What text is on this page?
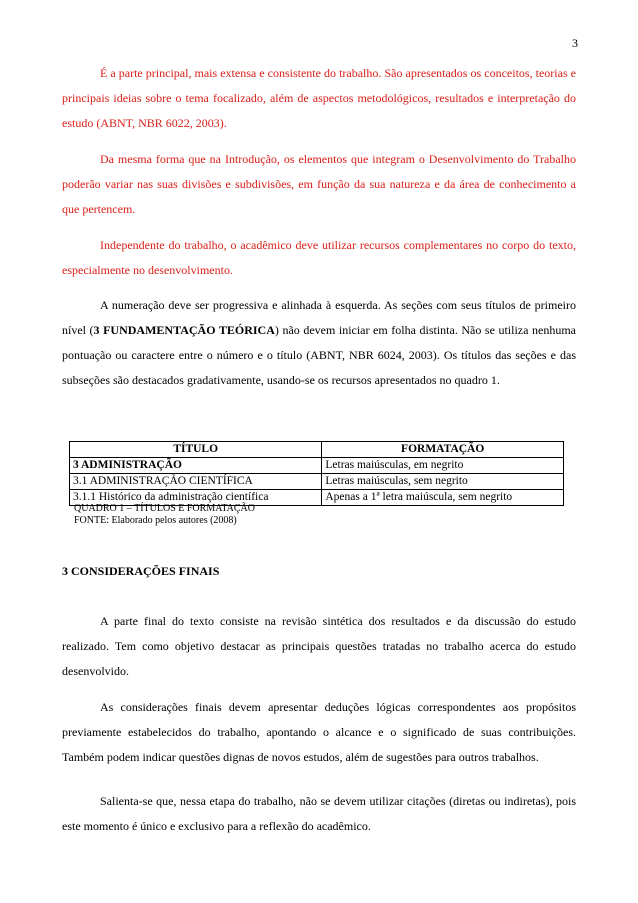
3

É a parte principal, mais extensa e consistente do trabalho. São apresentados os conceitos, teorias e principais ideias sobre o tema focalizado, além de aspectos metodológicos, resultados e interpretação do estudo (ABNT, NBR 6022, 2003).

Da mesma forma que na Introdução, os elementos que integram o Desenvolvimento do Trabalho poderão variar nas suas divisões e subdivisões, em função da sua natureza e da área de conhecimento a que pertencem.

Independente do trabalho, o acadêmico deve utilizar recursos complementares no corpo do texto, especialmente no desenvolvimento.

A numeração deve ser progressiva e alinhada à esquerda. As seções com seus títulos de primeiro nível (3 FUNDAMENTAÇÃO TEÓRICA) não devem iniciar em folha distinta. Não se utiliza nenhuma pontuação ou caractere entre o número e o título (ABNT, NBR 6024, 2003). Os títulos das seções e das subseções são destacados gradativamente, usando-se os recursos apresentados no quadro 1.

TÍTULO	FORMATAÇÃO
3 ADMINISTRAÇÃO	Letras maiúsculas, em negrito
3.1 ADMINISTRAÇÃO CIENTÍFICA	Letras maiúsculas, sem negrito
3.1.1 Histórico da administração científica	Apenas a 1ª letra maiúscula, sem negrito
QUADRO 1 – TÍTULOS E FORMATAÇÃO
FONTE: Elaborado pelos autores (2008)
3 CONSIDERAÇÕES FINAIS

A parte final do texto consiste na revisão sintética dos resultados e da discussão do estudo realizado. Tem como objetivo destacar as principais questões tratadas no trabalho acerca do estudo desenvolvido.

As considerações finais devem apresentar deduções lógicas correspondentes aos propósitos previamente estabelecidos do trabalho, apontando o alcance e o significado de suas contribuições. Também podem indicar questões dignas de novos estudos, além de sugestões para outros trabalhos.

Salienta-se que, nessa etapa do trabalho, não se devem utilizar citações (diretas ou indiretas), pois este momento é único e exclusivo para a reflexão do acadêmico.
